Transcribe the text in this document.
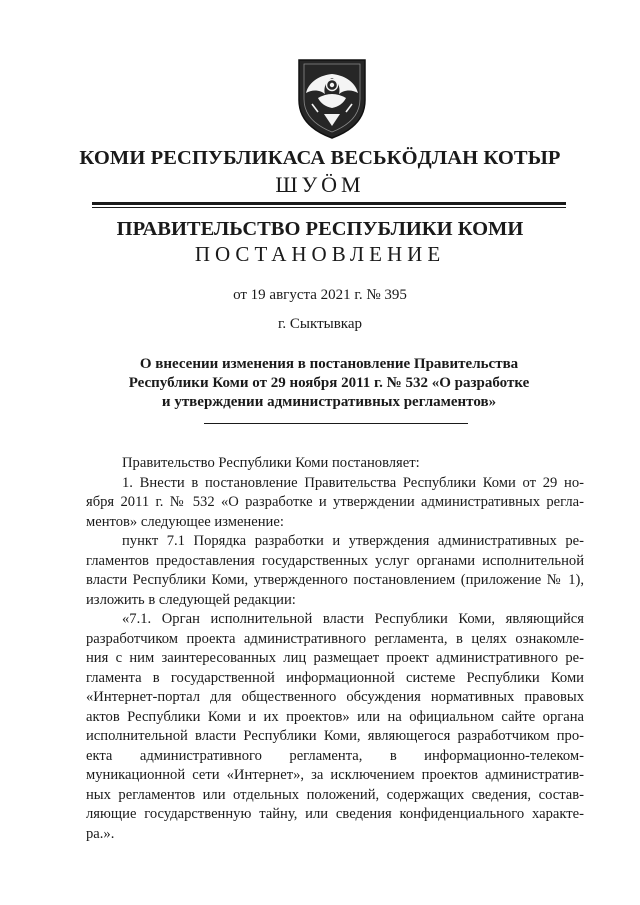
КОМИ РЕСПУБЛИКАСА ВЕСЬКÖДЛАН КОТЫР
ШУÖМ
ПРАВИТЕЛЬСТВО РЕСПУБЛИКИ КОМИ
ПОСТАНОВЛЕНИЕ
от 19 августа 2021 г. № 395
г. Сыктывкар
О внесении изменения в постановление Правительства
Республики Коми от 29 ноября 2011 г. № 532 «О разработке
и утверждении административных регламентов»
Правительство Республики Коми постановляет:
1. Внести в постановление Правительства Республики Коми от 29 но-
ября 2011 г. № 532 «О разработке и утверждении административных регла-
ментов» следующее изменение:
пункт 7.1 Порядка разработки и утверждения административных ре-
гламентов предоставления государственных услуг органами исполнительной
власти Республики Коми, утвержденного постановлением (приложение № 1),
изложить в следующей редакции:
«7.1. Орган исполнительной власти Республики Коми, являющийся
разработчиком проекта административного регламента, в целях ознакомле-
ния с ним заинтересованных лиц размещает проект административного ре-
гламента в государственной информационной системе Республики Коми
«Интернет-портал для общественного обсуждения нормативных правовых
актов Республики Коми и их проектов» или на официальном сайте органа
исполнительной власти Республики Коми, являющегося разработчиком про-
екта административного регламента, в информационно-телеком-
муникационной сети «Интернет», за исключением проектов административ-
ных регламентов или отдельных положений, содержащих сведения, состав-
ляющие государственную тайну, или сведения конфиденциального характе-
ра.».
